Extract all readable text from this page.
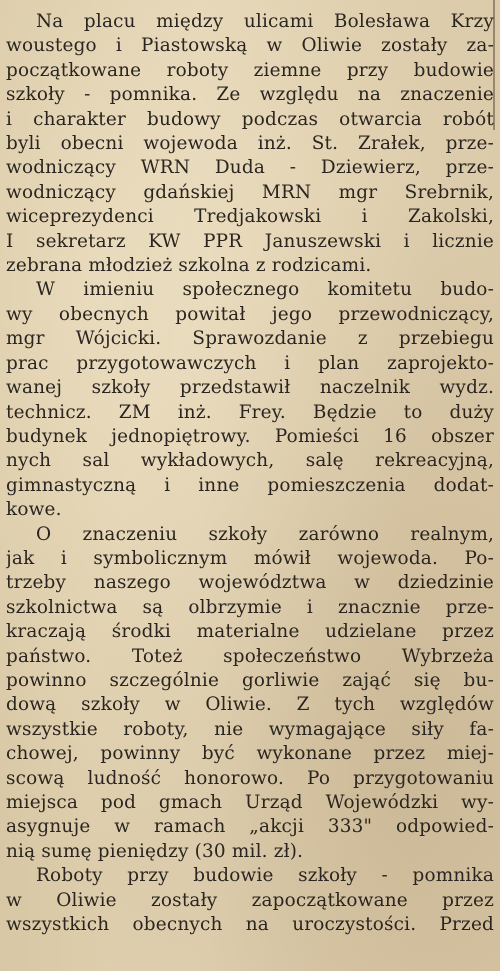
Na placu między ulicami Bolesława Krzy
woustego i Piastowską w Oliwie zostały za-
początkowane roboty ziemne przy budowie
szkoły - pomnika. Ze względu na znaczenie
i charakter budowy podczas otwarcia robót
byli obecni wojewoda inż. St. Zrałek, prze-
wodniczący WRN Duda - Dziewierz, prze-
wodniczący gdańskiej MRN mgr Srebrnik,
wiceprezydenci Tredjakowski i Zakolski,
I sekretarz KW PPR Januszewski i licznie
zebrana młodzież szkolna z rodzicami.
W imieniu społecznego komitetu budo-
wy obecnych powitał jego przewodniczący,
mgr Wójcicki. Sprawozdanie z przebiegu
prac przygotowawczych i plan zaprojekto-
wanej szkoły przedstawił naczelnik wydz.
technicz. ZM inż. Frey. Będzie to duży
budynek jednopiętrowy. Pomieści 16 obszer
nych sal wykładowych, salę rekreacyjną,
gimnastyczną i inne pomieszczenia dodat-
kowe.
O znaczeniu szkoły zarówno realnym,
jak i symbolicznym mówił wojewoda. Po-
trzeby naszego województwa w dziedzinie
szkolnictwa są olbrzymie i znacznie prze-
kraczają środki materialne udzielane przez
państwo. Toteż społeczeństwo Wybrzeża
powinno szczególnie gorliwie zająć się bu-
dową szkoły w Oliwie. Z tych względów
wszystkie roboty, nie wymagające siły fa-
chowej, powinny być wykonane przez miej-
scową ludność honorowo. Po przygotowaniu
miejsca pod gmach Urząd Wojewódzki wy-
asygnuje w ramach „akcji 333" odpowied-
nią sumę pieniędzy (30 mil. zł).
Roboty przy budowie szkoły - pomnika
w Oliwie zostały zapoczątkowane przez
wszystkich obecnych na uroczystości. Przed
